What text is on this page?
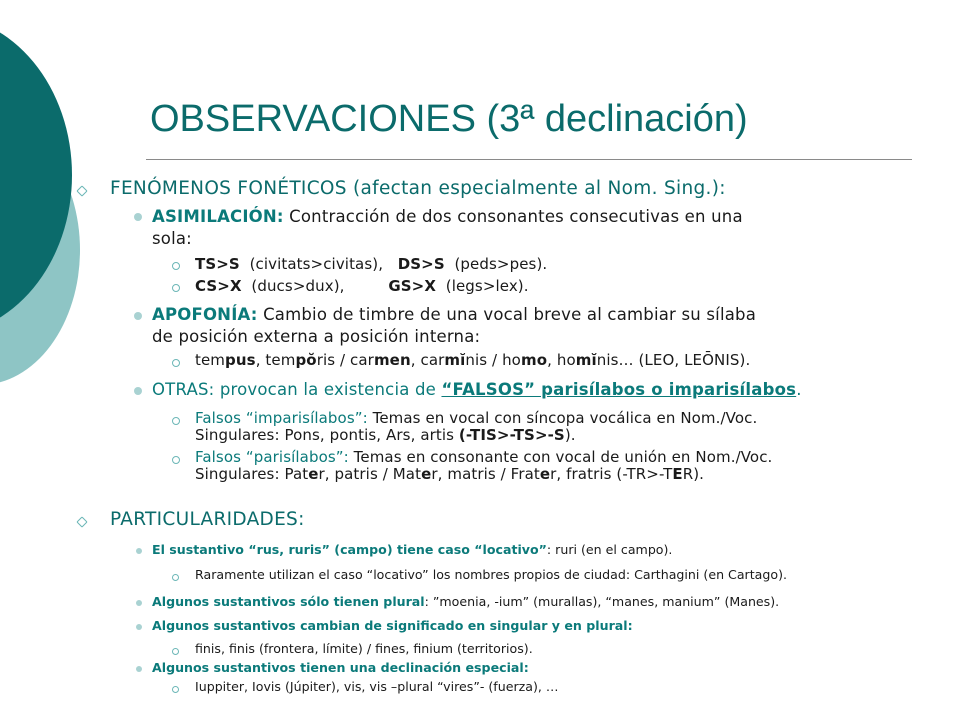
OBSERVACIONES (3ª declinación)
FENÓMENOS FONÉTICOS (afectan especialmente al Nom. Sing.):
ASIMILACIÓN: Contracción de dos consonantes consecutivas en una
sola:
TS>S (civitats>civitas), DS>S (peds>pes).
CS>X (ducs>dux),	GS>X (legs>lex).
APOFONÍA: Cambio de timbre de una vocal breve al cambiar su sílaba
de posición externa a posición interna:
tempus, tempŏris / carmen, carmĭnis / homo, homĭnis… (LEO, LEŌNIS).
OTRAS: provocan la existencia de “FALSOS” parisílabos o imparisílabos.
Falsos “imparisílabos”: Temas en vocal con síncopa vocálica en Nom./Voc.
Singulares: Pons, pontis, Ars, artis (-TIS>-TS>-S).
Falsos “parisílabos”: Temas en consonante con vocal de unión en Nom./Voc.
Singulares: Pater, patris / Mater, matris / Frater, fratris (-TR>-TER).
PARTICULARIDADES:
El sustantivo “rus, ruris” (campo) tiene caso “locativo”: ruri (en el campo).
Raramente utilizan el caso “locativo” los nombres propios de ciudad: Carthagini (en Cartago).
Algunos sustantivos sólo tienen plural: ”moenia, -ium” (murallas), “manes, manium” (Manes).
Algunos sustantivos cambian de significado en singular y en plural:
finis, finis (frontera, límite) / fines, finium (territorios).
Algunos sustantivos tienen una declinación especial:
Iuppiter, Iovis (Júpiter), vis, vis –plural “vires”- (fuerza), …
